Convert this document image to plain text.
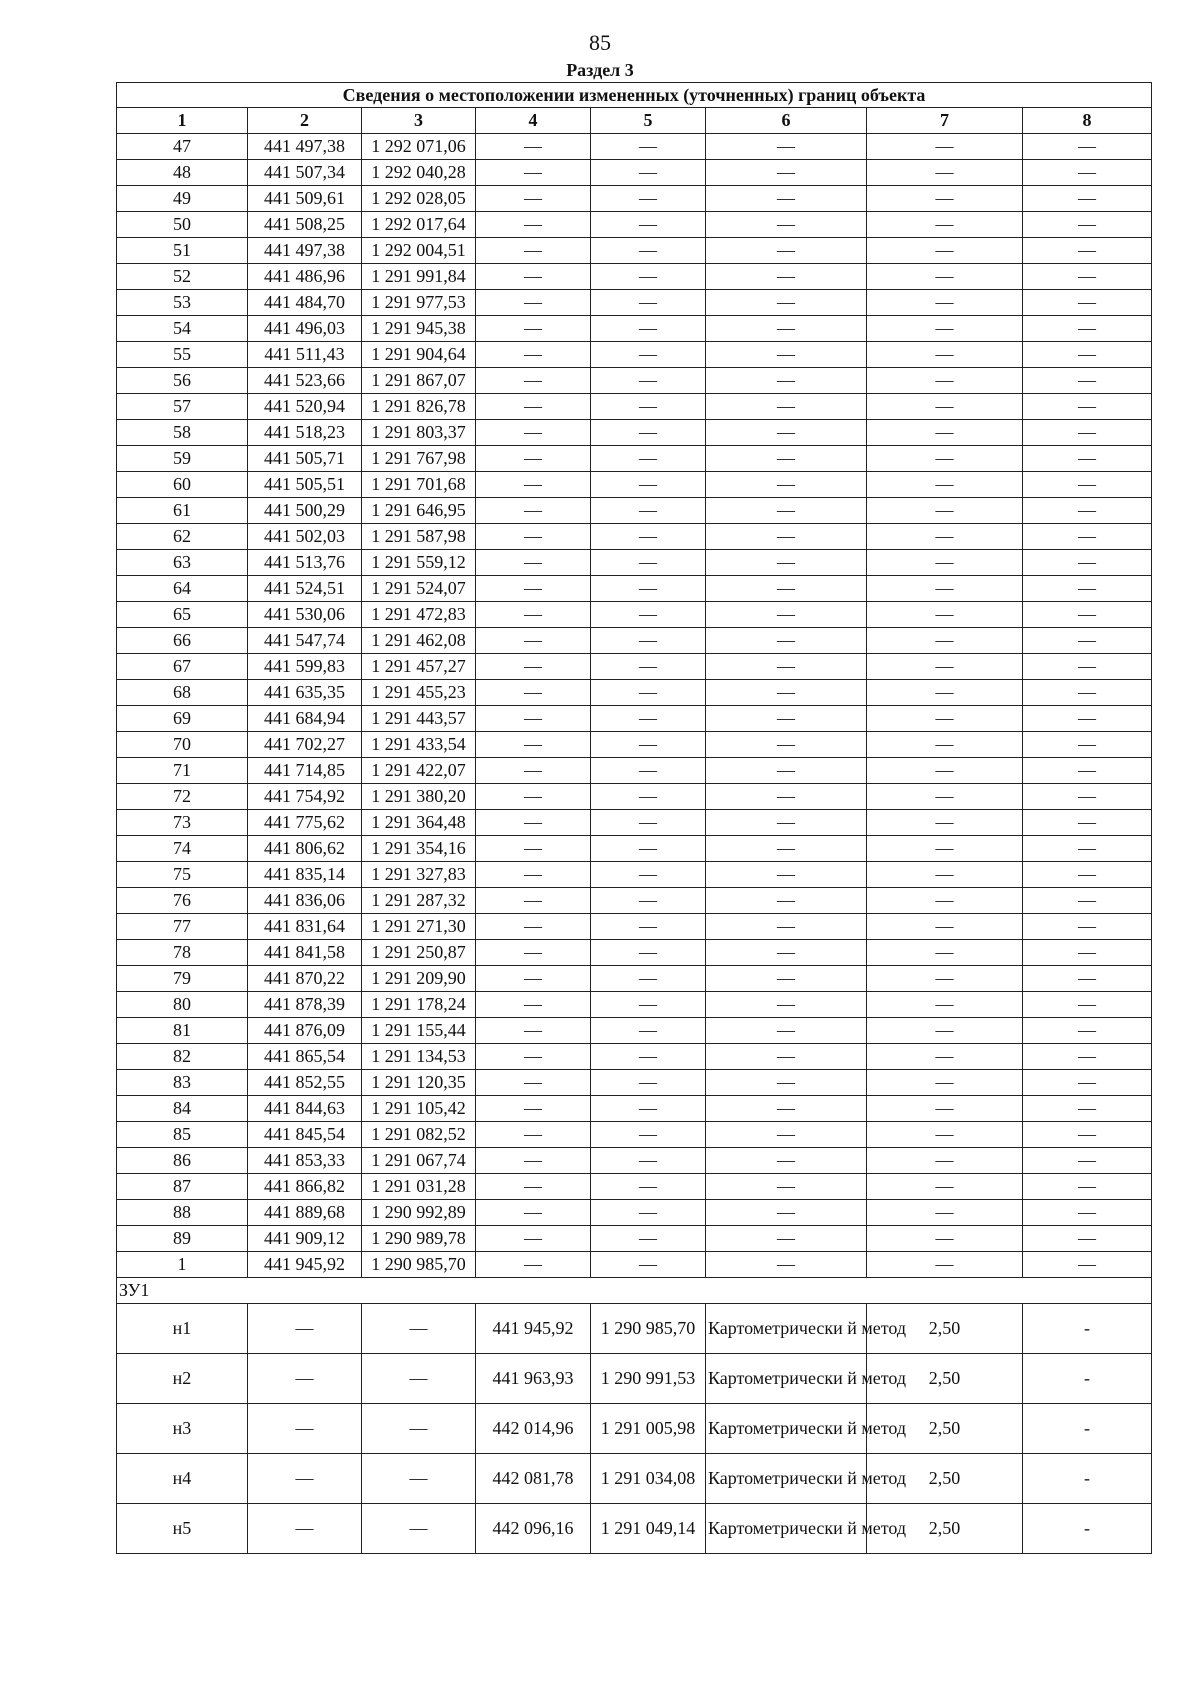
85
Раздел 3
Сведения о местоположении измененных (уточненных) границ объекта							
1	2	3	4	5	6	7	8
47	441 497,38	1 292 071,06	—	—	—	—	—
48	441 507,34	1 292 040,28	—	—	—	—	—
49	441 509,61	1 292 028,05	—	—	—	—	—
50	441 508,25	1 292 017,64	—	—	—	—	—
51	441 497,38	1 292 004,51	—	—	—	—	—
52	441 486,96	1 291 991,84	—	—	—	—	—
53	441 484,70	1 291 977,53	—	—	—	—	—
54	441 496,03	1 291 945,38	—	—	—	—	—
55	441 511,43	1 291 904,64	—	—	—	—	—
56	441 523,66	1 291 867,07	—	—	—	—	—
57	441 520,94	1 291 826,78	—	—	—	—	—
58	441 518,23	1 291 803,37	—	—	—	—	—
59	441 505,71	1 291 767,98	—	—	—	—	—
60	441 505,51	1 291 701,68	—	—	—	—	—
61	441 500,29	1 291 646,95	—	—	—	—	—
62	441 502,03	1 291 587,98	—	—	—	—	—
63	441 513,76	1 291 559,12	—	—	—	—	—
64	441 524,51	1 291 524,07	—	—	—	—	—
65	441 530,06	1 291 472,83	—	—	—	—	—
66	441 547,74	1 291 462,08	—	—	—	—	—
67	441 599,83	1 291 457,27	—	—	—	—	—
68	441 635,35	1 291 455,23	—	—	—	—	—
69	441 684,94	1 291 443,57	—	—	—	—	—
70	441 702,27	1 291 433,54	—	—	—	—	—
71	441 714,85	1 291 422,07	—	—	—	—	—
72	441 754,92	1 291 380,20	—	—	—	—	—
73	441 775,62	1 291 364,48	—	—	—	—	—
74	441 806,62	1 291 354,16	—	—	—	—	—
75	441 835,14	1 291 327,83	—	—	—	—	—
76	441 836,06	1 291 287,32	—	—	—	—	—
77	441 831,64	1 291 271,30	—	—	—	—	—
78	441 841,58	1 291 250,87	—	—	—	—	—
79	441 870,22	1 291 209,90	—	—	—	—	—
80	441 878,39	1 291 178,24	—	—	—	—	—
81	441 876,09	1 291 155,44	—	—	—	—	—
82	441 865,54	1 291 134,53	—	—	—	—	—
83	441 852,55	1 291 120,35	—	—	—	—	—
84	441 844,63	1 291 105,42	—	—	—	—	—
85	441 845,54	1 291 082,52	—	—	—	—	—
86	441 853,33	1 291 067,74	—	—	—	—	—
87	441 866,82	1 291 031,28	—	—	—	—	—
88	441 889,68	1 290 992,89	—	—	—	—	—
89	441 909,12	1 290 989,78	—	—	—	—	—
1	441 945,92	1 290 985,70	—	—	—	—	—
ЗУ1							
н1	—	—	441 945,92	1 290 985,70	Картометрически й метод	2,50	-
н2	—	—	441 963,93	1 290 991,53	Картометрически й метод	2,50	-
н3	—	—	442 014,96	1 291 005,98	Картометрически й метод	2,50	-
н4	—	—	442 081,78	1 291 034,08	Картометрически й метод	2,50	-
н5	—	—	442 096,16	1 291 049,14	Картометрически й метод	2,50	-
